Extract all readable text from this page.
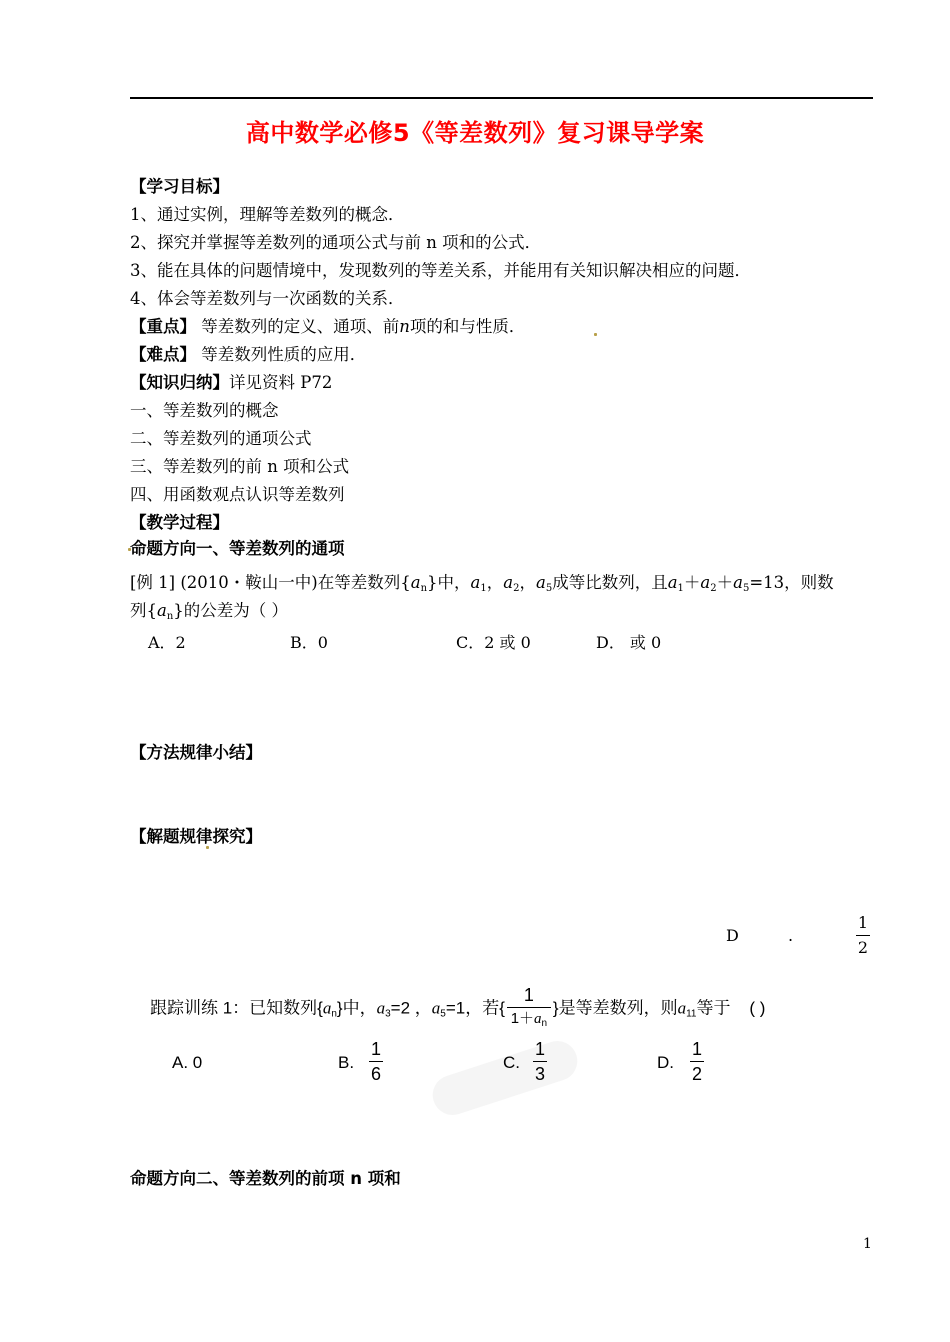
高中数学必修5《等差数列》复习课导学案
【学习目标】
1、通过实例，理解等差数列的概念．
2、探究并掌握等差数列的通项公式与前 n 项和的公式．
3、能在具体的问题情境中，发现数列的等差关系，并能用有关知识解决相应的问题．
4、体会等差数列与一次函数的关系．
【重点】 等差数列的定义、通项、前n项的和与性质．
【难点】 等差数列性质的应用．
【知识归纳】详见资料 P72
一、等差数列的概念
二、等差数列的通项公式
三、等差数列的前 n 项和公式
四、用函数观点认识等差数列
【教学过程】
命题方向一、等差数列的通项
[例 1] (2010・鞍山一中)在等差数列$\{a_n\}$中，$a_1$，$a_2$，$a_5$成等比数列，且$a_1+a_2+a_5=13$，则数
列$\{a_n\}$的公差为（ ）
A．2	B．0	C．2 或 0	D． 或 0
【方法规律小结】
【解题规律探究】
D	.
1
2
跟踪训练 1：已知数列$\{a_n\}$中，$a_3=2$ ，$a_5=1$，若{
1
$1+a_n$
}是等差数列，则$a_{11}$等于 ( )
A. 0	B.
1
6
C.
1
3
D.
1
2
命题方向二、等差数列的前项 n 项和
1
